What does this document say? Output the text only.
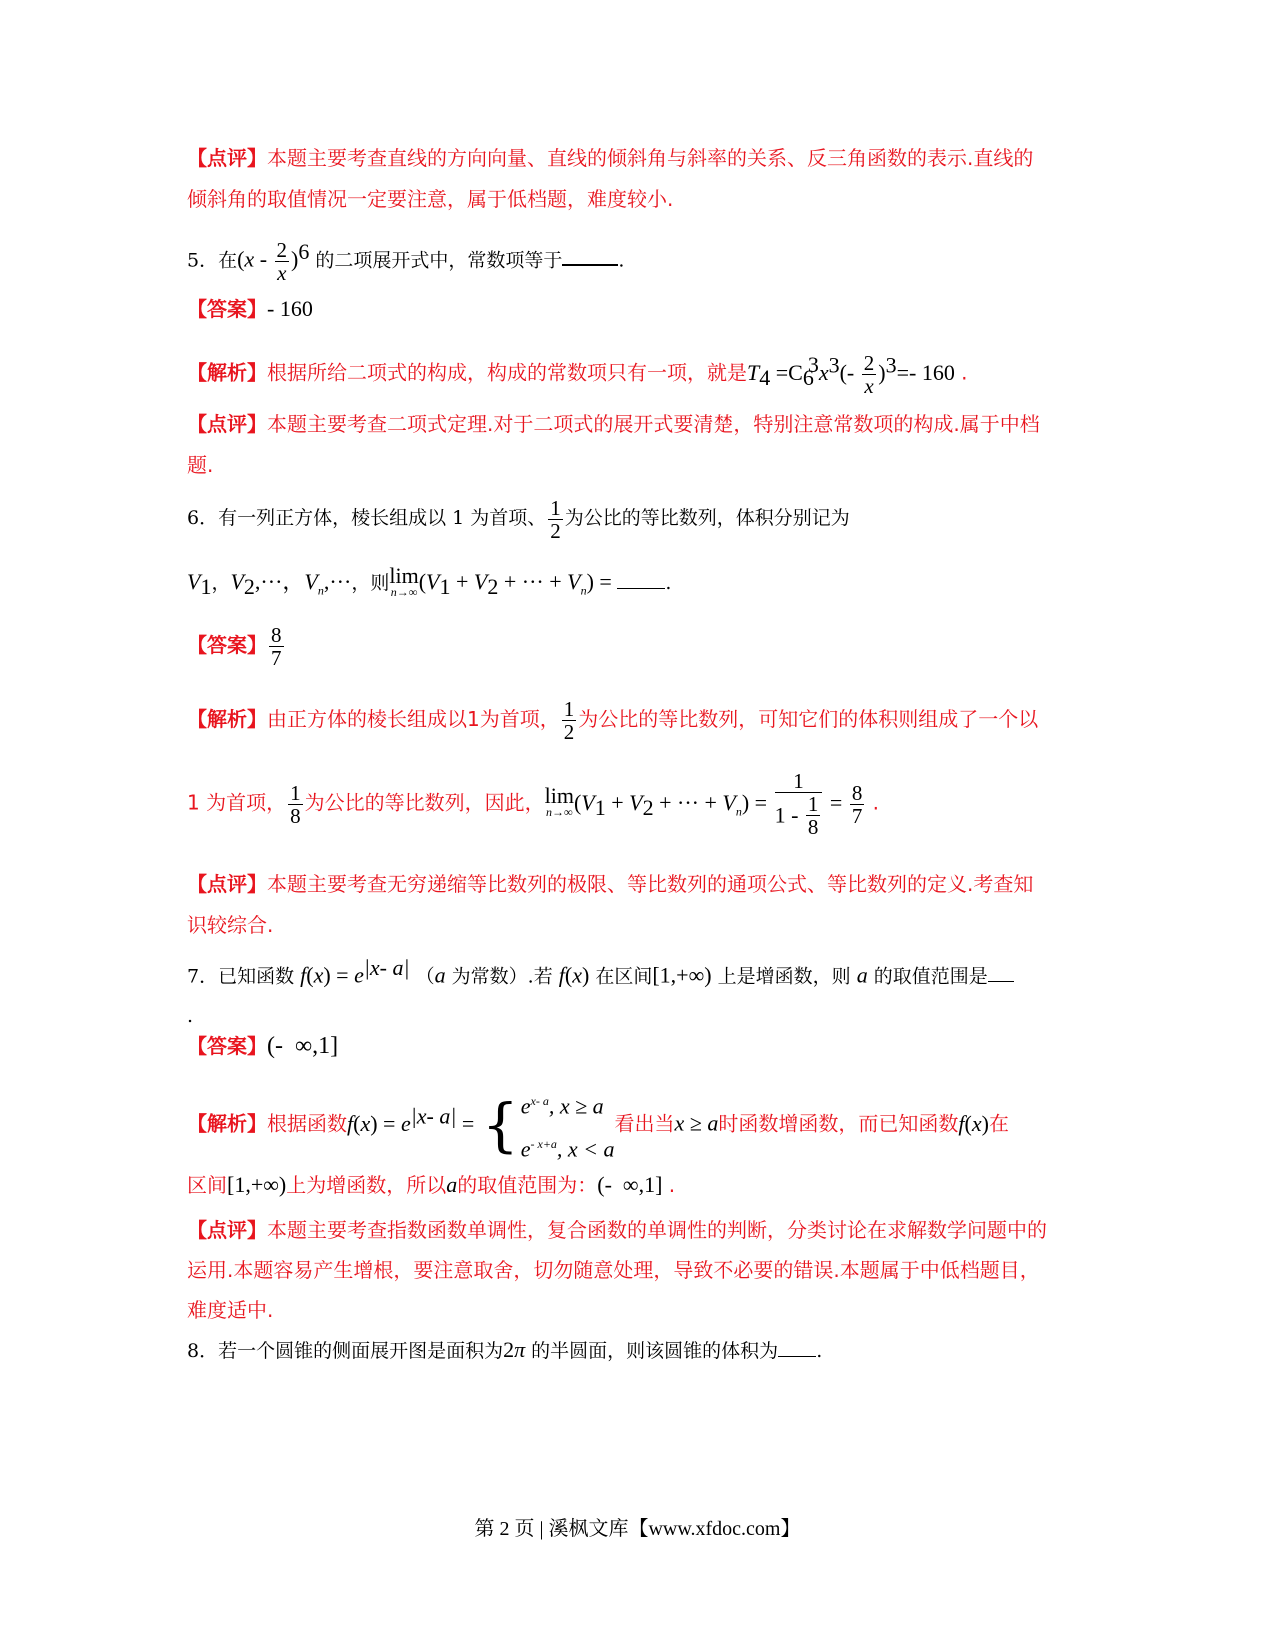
【点评】本题主要考查直线的方向向量、直线的倾斜角与斜率的关系、反三角函数的表示.直线的
倾斜角的取值情况一定要注意，属于低档题，难度较小.
5．在$(x - \frac{2}{x} )^6$ 的二项展开式中，常数项等于	.
【答案】- 160
【解析】根据所给二项式的构成，构成的常数项只有一项，就是$T_4 =C_6^3x^3(- \frac{2}{x} )^3=-$ 160 .
【点评】本题主要考查二项式定理.对于二项式的展开式要清楚，特别注意常数项的构成.属于中档
题.
6．有一列正方体，棱长组成以 1 为首项、 $\frac{1}{2}$ 为公比的等比数列，体积分别记为
$V_1$，$V_2,\cdot\cdot\cdot$，$V_n,\cdot\cdot\cdot$，则 lim
n→∞ ($V_1 + V_2$ + ··· + $V_n$) =	.
【答案】 $\frac{8}{7}$
【解析】由正方体的棱长组成以1为首项， $\frac{1}{2}$ 为公比的等比数列，可知它们的体积则组成了一个以
1 为首项， $\frac{1}{8}$ 为公比的等比数列，因此， lim
n→∞ ($V_1 + V_2$ + ··· + $V_n) = \frac{1}{1 - \frac{1}{8}} = \frac{8}{7}$ .
【点评】本题主要考查无穷递缩等比数列的极限、等比数列的通项公式、等比数列的定义.考查知
识较综合.
7．已知函数 $f(x) = e^{|x- a|}$ （a 为常数）.若 f(x) 在区间[1,+∞) 上是增函数，则 a 的取值范围是
.
【答案】(-  ∞,1]
【解析】根据函数$f(x) = e^{|x- a|}$ = { $e^{x- a}$, x ≥ a
$e^{- x+a}$, x < a
看出当x ≥ a时函数增函数，而已知函数f(x)在
区间[1,+∞)上为增函数，所以a的取值范围为：(-  ∞,1] .
【点评】本题主要考查指数函数单调性，复合函数的单调性的判断，分类讨论在求解数学问题中的
运用.本题容易产生增根，要注意取舍，切勿随意处理，导致不必要的错误.本题属于中低档题目，
难度适中.
8．若一个圆锥的侧面展开图是面积为2π 的半圆面，则该圆锥的体积为 .
第 2 页 | 溪枫文库【www.xfdoc.com】
